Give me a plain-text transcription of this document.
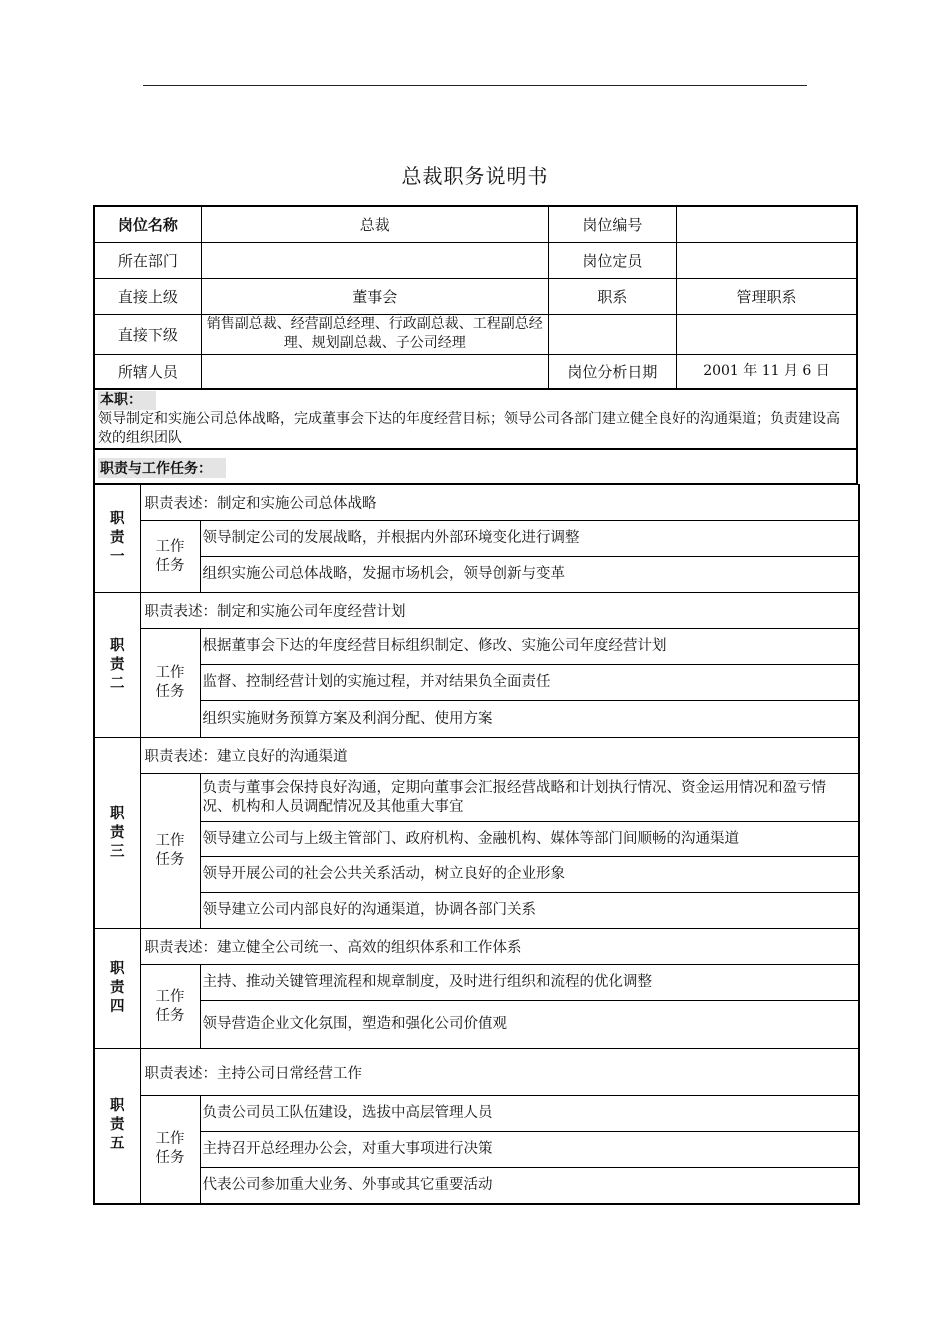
总裁职务说明书
岗位名称	总裁	岗位编号	
所在部门		岗位定员	
直接上级	董事会	职系	管理职系
直接下级	销售副总裁、经营副总经理、行政副总裁、工程副总经理、规划副总裁、子公司经理		
所辖人员		岗位分析日期	2001 年 11 月 6 日
本职：
领导制定和实施公司总体战略，完成董事会下达的年度经营目标；领导公司各部门建立健全良好的沟通渠道；负责建设高效的组织团队
职责与工作任务：
职
责
一	职责表述：制定和实施公司总体战略	

	工作
任务	领导制定公司的发展战略，并根据内外部环境变化进行调整
		组织实施公司总体战略，发掘市场机会，领导创新与变革

职
责
二	职责表述：制定和实施公司年度经营计划	

	工作
任务	根据董事会下达的年度经营目标组织制定、修改、实施公司年度经营计划
		监督、控制经营计划的实施过程，并对结果负全面责任
		组织实施财务预算方案及利润分配、使用方案

职
责
三	职责表述：建立良好的沟通渠道	

	工作
任务	负责与董事会保持良好沟通，定期向董事会汇报经营战略和计划执行情况、资金运用情况和盈亏情况、机构和人员调配情况及其他重大事宜
		领导建立公司与上级主管部门、政府机构、金融机构、媒体等部门间顺畅的沟通渠道
		领导开展公司的社会公共关系活动，树立良好的企业形象
		领导建立公司内部良好的沟通渠道，协调各部门关系

职
责
四	职责表述：建立健全公司统一、高效的组织体系和工作体系	

	工作
任务	主持、推动关键管理流程和规章制度，及时进行组织和流程的优化调整
		领导营造企业文化氛围，塑造和强化公司价值观

职
责
五	职责表述：主持公司日常经营工作	

	工作
任务	负责公司员工队伍建设，选拔中高层管理人员
		主持召开总经理办公会，对重大事项进行决策
		代表公司参加重大业务、外事或其它重要活动
